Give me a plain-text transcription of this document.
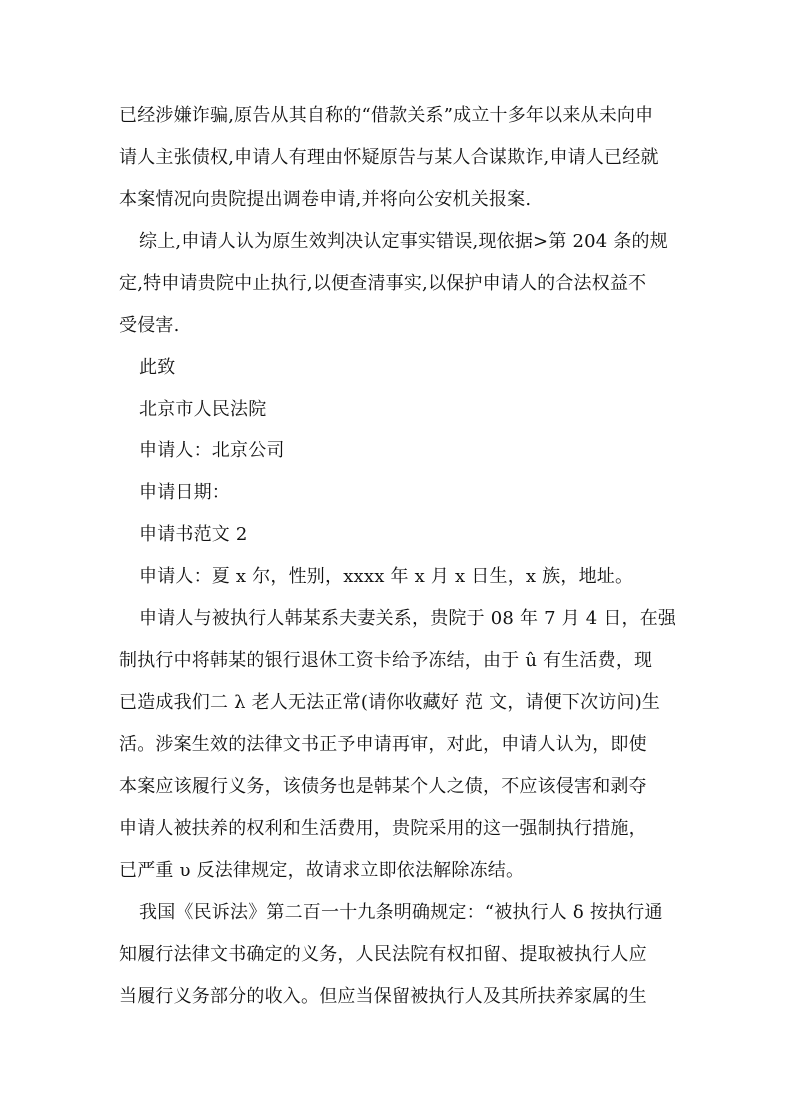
已经涉嫌诈骗,原告从其自称的“借款关系”成立十多年以来从未向申
请人主张债权,申请人有理由怀疑原告与某人合谋欺诈,申请人已经就
本案情况向贵院提出调卷申请,并将向公安机关报案.
综上,申请人认为原生效判决认定事实错误,现依据>第 204 条的规
定,特申请贵院中止执行,以便查清事实,以保护申请人的合法权益不
受侵害.
此致
北京市人民法院
申请人：北京公司
申请日期：
申请书范文 2
申请人：夏 x 尔，性别，xxxx 年 x 月 x 日生，x 族，地址。
申请人与被执行人韩某系夫妻关系，贵院于 08 年 7 月 4 日，在强
制执行中将韩某的银行退休工资卡给予冻结，由于 û 有生活费，现
已造成我们二 λ 老人无法正常(请你收藏好 范 文，请便下次访问)生
活。涉案生效的法律文书正予申请再审，对此，申请人认为，即使
本案应该履行义务，该债务也是韩某个人之债，不应该侵害和剥夺
申请人被扶养的权利和生活费用，贵院采用的这一强制执行措施，
已严重 υ 反法律规定，故请求立即依法解除冻结。
我国《民诉法》第二百一十九条明确规定：“被执行人 δ 按执行通
知履行法律文书确定的义务，人民法院有权扣留、提取被执行人应
当履行义务部分的收入。但应当保留被执行人及其所扶养家属的生
